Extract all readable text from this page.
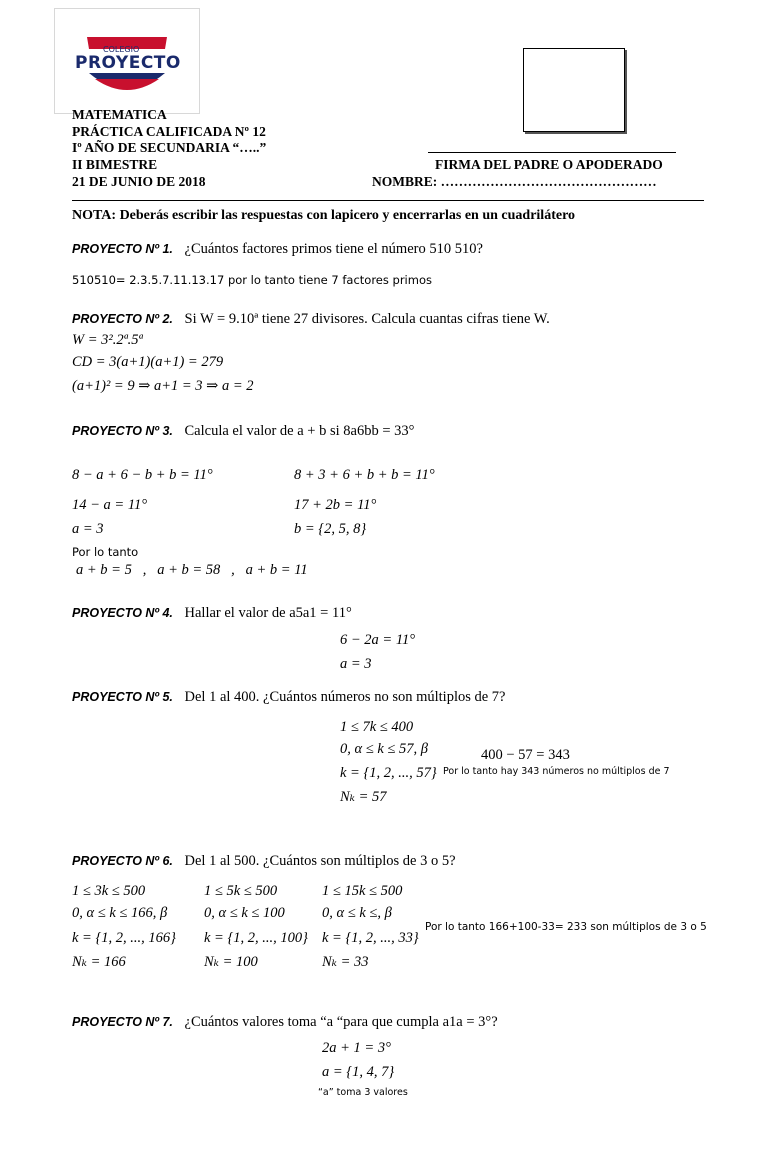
COLEGIO
PROYECTO
MATEMATICA
PRÁCTICA CALIFICADA Nº 12
Iº AÑO DE SECUNDARIA “…..”
II BIMESTRE
21 DE JUNIO DE 2018
FIRMA DEL PADRE O APODERADO
NOMBRE: …………………………………………
NOTA: Deberás escribir las respuestas con lapicero y encerrarlas en un cuadrilátero
PROYECTO Nº 1. ¿Cuántos factores primos tiene el número 510 510?
510510= 2.3.5.7.11.13.17 por lo tanto tiene 7 factores primos
PROYECTO Nº 2. Si W = 9.10ª tiene 27 divisores. Calcula cuantas cifras tiene W.
W = 3².2ª.5ª
CD = 3(a+1)(a+1) = 279
(a+1)² = 9 ⇒ a+1 = 3 ⇒ a = 2
PROYECTO Nº 3. Calcula el valor de a + b si 8a6bb = 33°
8 − a + 6 − b + b = 11°
14 − a = 11°
a = 3
8 + 3 + 6 + b + b = 11°
17 + 2b = 11°
b = {2, 5, 8}
Por lo tanto
a + b = 5   ,   a + b = 58   ,   a + b = 11
PROYECTO Nº 4. Hallar el valor de a5a1 = 11°
6 − 2a = 11°
a = 3
PROYECTO Nº 5. Del 1 al 400. ¿Cuántos números no son múltiplos de 7?
1 ≤ 7k ≤ 400
0, α ≤ k ≤ 57, β
k = {1, 2, ..., 57}
Nₖ = 57
400 − 57 = 343
Por lo tanto hay 343 números no múltiplos de 7
PROYECTO Nº 6. Del 1 al 500. ¿Cuántos son múltiplos de 3 o 5?
1 ≤ 3k ≤ 500
0, α ≤ k ≤ 166, β
k = {1, 2, ..., 166}
Nₖ = 166
1 ≤ 5k ≤ 500
0, α ≤ k ≤ 100
k = {1, 2, ..., 100}
Nₖ = 100
1 ≤ 15k ≤ 500
0, α ≤ k ≤, β
k = {1, 2, ..., 33}
Nₖ = 33
Por lo tanto 166+100-33= 233 son múltiplos de 3 o 5
PROYECTO Nº 7. ¿Cuántos valores toma “a “para que cumpla a1a = 3°?
2a + 1 = 3°
a = {1, 4, 7}
“a” toma 3 valores
